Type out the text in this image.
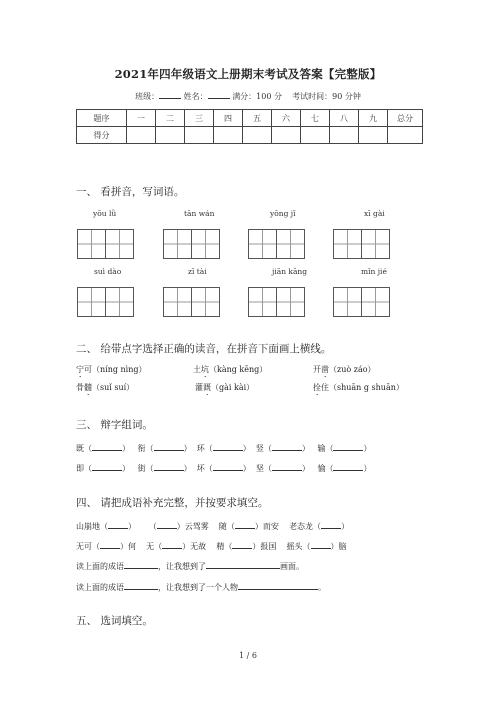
2021年四年级语文上册期末考试及答案【完整版】
班级：	姓名：	满分：100 分 考试时间：90 分钟
题序	一	二	三	四	五	六	七	八	九	总分
得分										
一、 看拼音，写词语。
yōu lǜ	tān wán	yōng jǐ	xī gài
suì dào	zī tài	jiān kāng	mǐn jié
二、 给带点字选择正确的读音，在拼音下面画上横线。
宁可（níng nìng）	土坑（kàng kēng）	开凿（zuò záo）
骨髓（suǐ suí）	灌溉（gài kài）	拴住（shuān g shuān）
三、 辩字组词。
既（	） 衔（	） 环（	） 竖（	） 输（	）
即（	） 街（	） 坏（	） 坚（	） 愉（	）
四、 请把成语补充完整，并按要求填空。
山崩地（	） （	）云驾雾 随（	）而安 老态龙（	）
无可（	）何 无（	）无故 精（	）报国 摇头（	）脑
读上面的成语	，让我想到了	画面。
读上面的成语	，让我想到了一个人物	。
五、 选词填空。
1 / 6
